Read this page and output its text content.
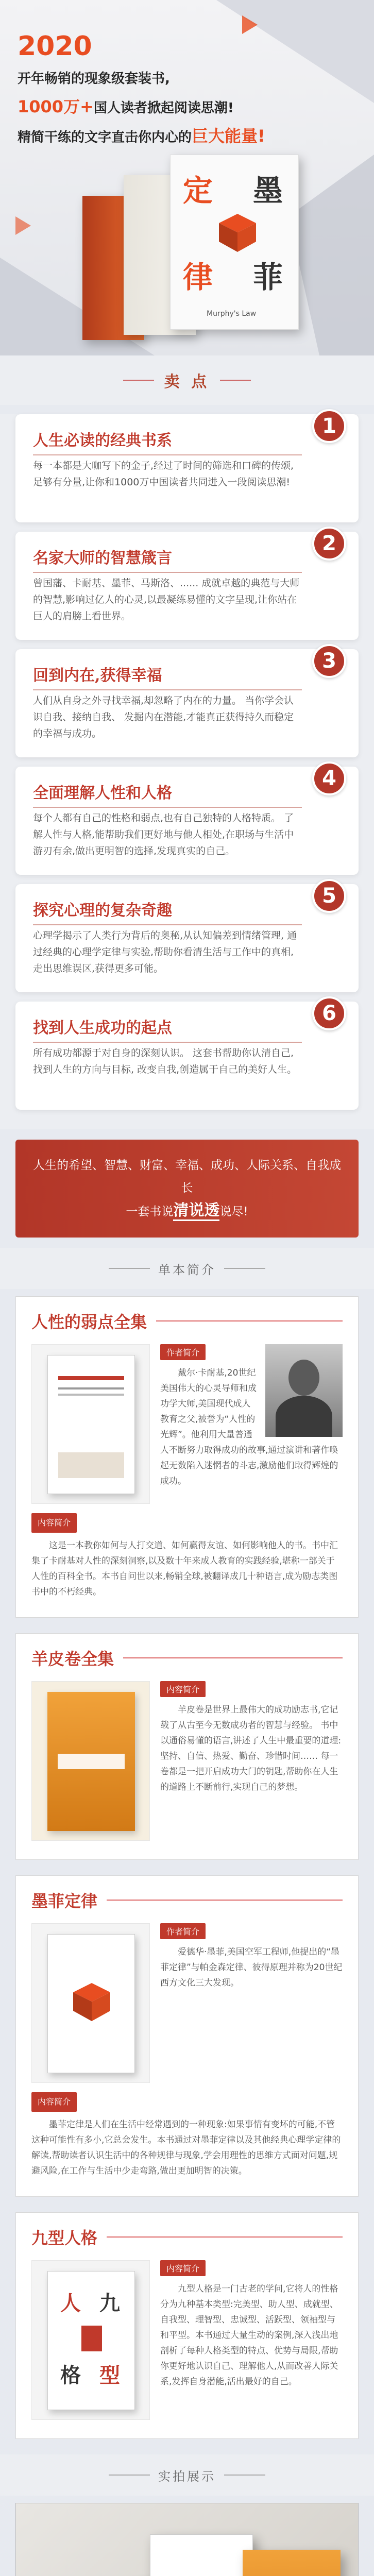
2020
开年畅销的现象级套装书,
1000万+国人读者掀起阅读思潮!
精简干练的文字直击你内心的巨大能量!
定 墨
律 菲
Murphy's Law
卖 点
人生必读的经典书系
每一本都是大咖写下的金子,经过了时间的筛选和口碑的传颂,足够有分量,让你和1000万中国读者共同进入一段阅读思潮!
1
名家大师的智慧箴言
曾国藩、卡耐基、墨菲、马斯洛、...... 成就卓越的典范与大师的智慧,影响过亿人的心灵,以最凝练易懂的文字呈现,让你站在巨人的肩膀上看世界。
2
回到内在,获得幸福
人们从自身之外寻找幸福,却忽略了内在的力量。 当你学会认识自我、接纳自我、 发掘内在潜能,才能真正获得持久而稳定的幸福与成功。
3
全面理解人性和人格
每个人都有自己的性格和弱点,也有自己独特的人格特质。 了解人性与人格,能帮助我们更好地与他人相处,在职场与生活中游刃有余,做出更明智的选择,发现真实的自己。
4
探究心理的复杂奇趣
心理学揭示了人类行为背后的奥秘,从认知偏差到情绪管理, 通过经典的心理学定律与实验,帮助你看清生活与工作中的真相,走出思维误区,获得更多可能。
5
找到人生成功的起点
所有成功都源于对自身的深刻认识。 这套书帮助你认清自己,找到人生的方向与目标, 改变自我,创造属于自己的美好人生。
6
人生的希望、智慧、财富、幸福、成功、人际关系、自我成长
一套书说清说透说尽!
单本简介
人性的弱点全集
作者简介

戴尔·卡耐基,20世纪美国伟大的心灵导师和成功学大师,美国现代成人教育之父,被誉为“人性的光辉”。他利用大量普通人不断努力取得成功的故事,通过演讲和著作唤起无数陷入迷惘者的斗志,激励他们取得辉煌的成功。

内容简介

这是一本教你如何与人打交道、如何赢得友谊、如何影响他人的书。书中汇集了卡耐基对人性的深刻洞察,以及数十年来成人教育的实践经验,堪称一部关于人性的百科全书。本书自问世以来,畅销全球,被翻译成几十种语言,成为励志类图书中的不朽经典。

羊皮卷全集
内容简介

羊皮卷是世界上最伟大的成功励志书,它记载了从古至今无数成功者的智慧与经验。 书中以通俗易懂的语言,讲述了人生中最重要的道理:坚持、自信、热爱、勤奋、珍惜时间…… 每一卷都是一把开启成功大门的钥匙,帮助你在人生的道路上不断前行,实现自己的梦想。

墨菲定律
作者简介

爱德华·墨菲,美国空军工程师,他提出的“墨菲定律”与帕金森定律、彼得原理并称为20世纪西方文化三大发现。

内容简介

墨菲定律是人们在生活中经常遇到的一种现象:如果事情有变坏的可能,不管这种可能性有多小,它总会发生。本书通过对墨菲定律以及其他经典心理学定律的解读,帮助读者认识生活中的各种规律与现象,学会用理性的思维方式面对问题,规避风险,在工作与生活中少走弯路,做出更加明智的决策。

九型人格
人 九
格 型
内容简介

九型人格是一门古老的学问,它将人的性格分为九种基本类型:完美型、助人型、成就型、自我型、理智型、忠诚型、活跃型、领袖型与和平型。本书通过大量生动的案例,深入浅出地剖析了每种人格类型的特点、优势与局限,帮助你更好地认识自己、理解他人,从而改善人际关系,发挥自身潜能,活出最好的自己。

实拍展示
